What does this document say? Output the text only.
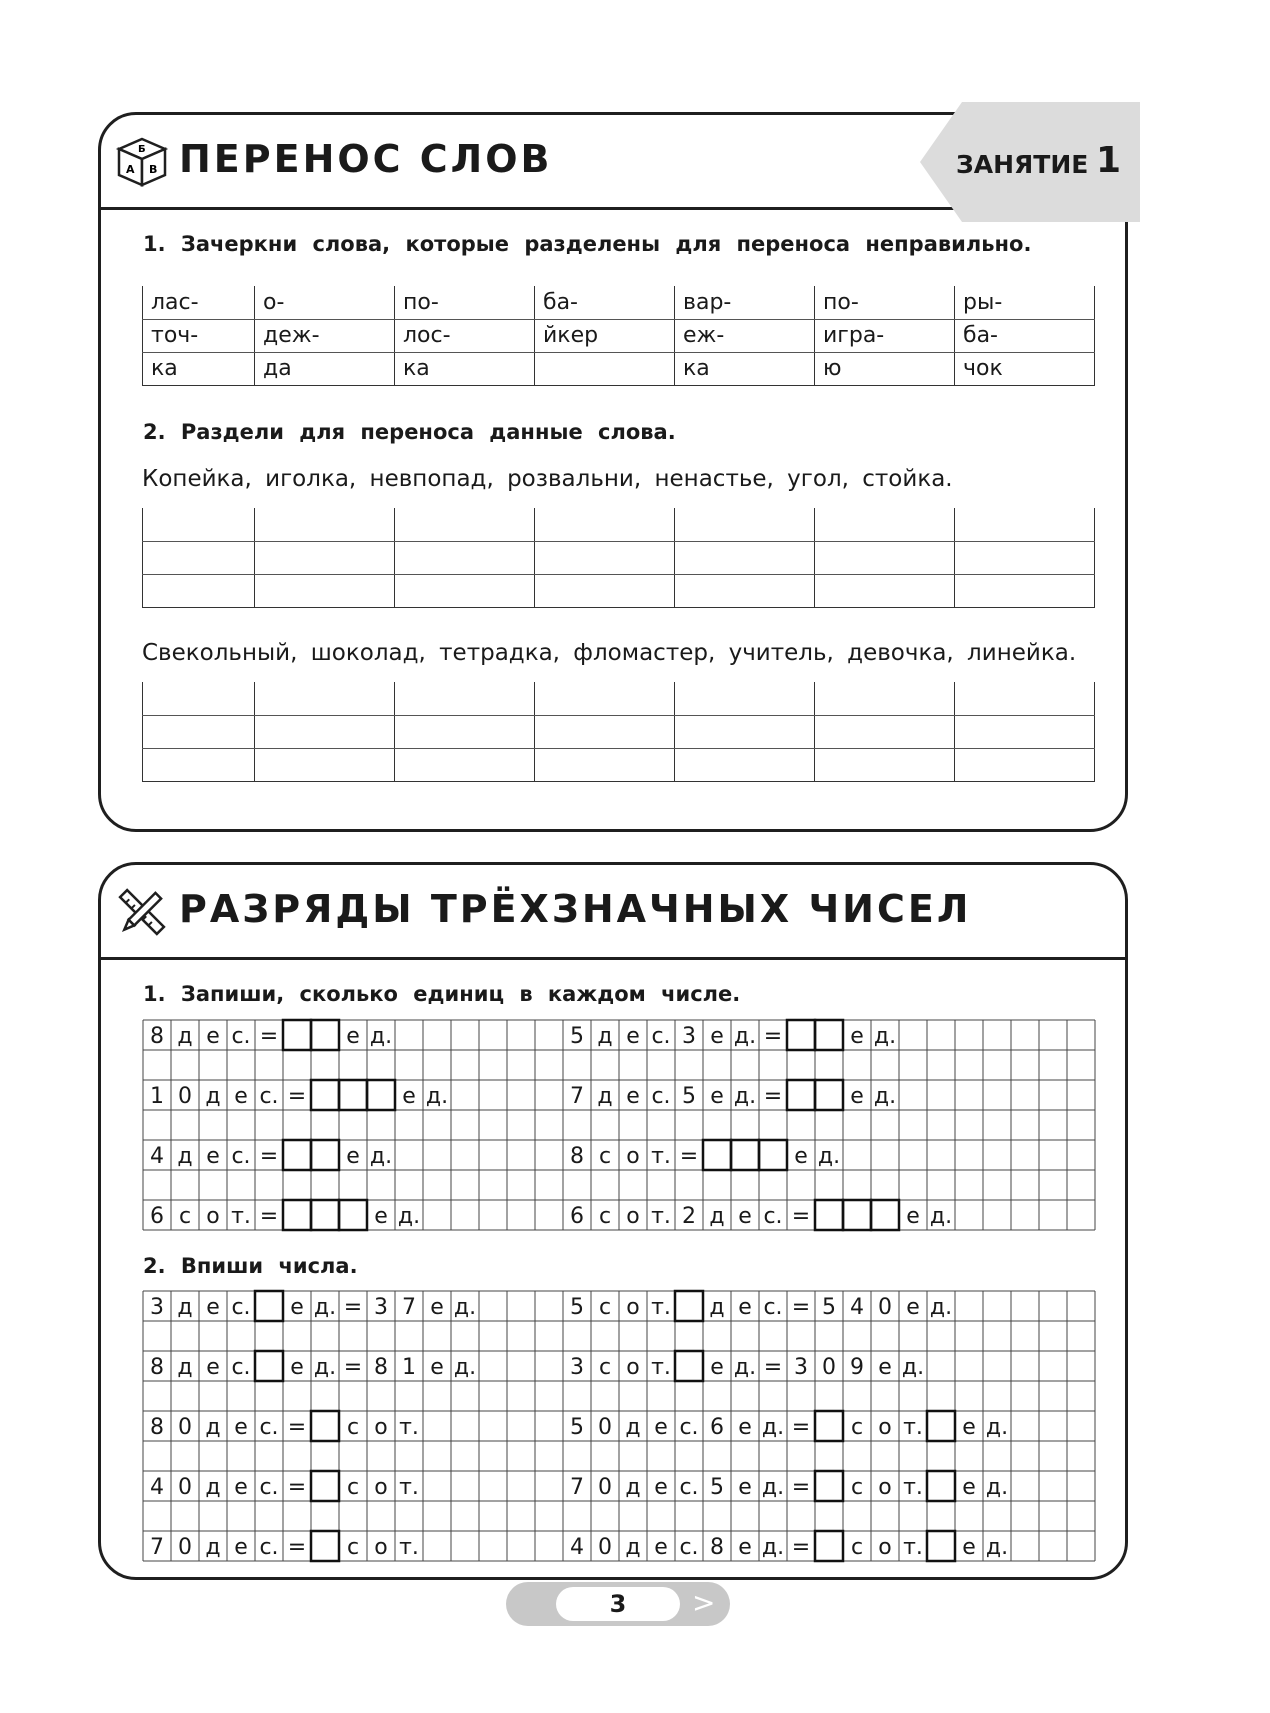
Б
А В ПЕРЕНОС СЛОВ	ЗАНЯТИЕ 1

1. Зачеркни слова, которые разделены для переноса неправильно.

лас-	о-	по-	ба-	вар-	по-	ры-
точ-	деж-	лос-	йкер	еж-	игра-	ба-
ка	да	ка		ка	ю	чок

2. Раздели для переноса данные слова.

Копейка, иголка, невпопад, розвальни, ненастье, угол, стойка.

Свекольный, шоколад, тетрадка, фломастер, учитель, девочка, линейка.

РАЗРЯДЫ ТРЁХЗНАЧНЫХ ЧИСЕЛ

1. Запиши, сколько единиц в каждом числе.

8 д е с. =	е д.	5 д е с. 3 е д. =	е д.
1 0 д е с. =	е д.	7 д е с. 5 е д. =	е д.
4 д е с. =	е д.	8 с о т. =	е д.
6 с о т. =	е д.	6 с о т. 2 д е с. =	е д.

2. Впиши числа.

3 д е с. е д. = 3 7 е д.	5 с о т. д е с. = 5 4 0 е д.
8 д е с. е д. = 8 1 е д.	3 с о т. е д. = 3 0 9 е д.
8 0 д е с. = с о т.	5 0 д е с. 6 е д. = с о т. е д.
4 0 д е с. = с о т.	7 0 д е с. 5 е д. = с о т. е д.
7 0 д е с. = с о т.	4 0 д е с. 8 е д. = с о т. е д.
3	>
